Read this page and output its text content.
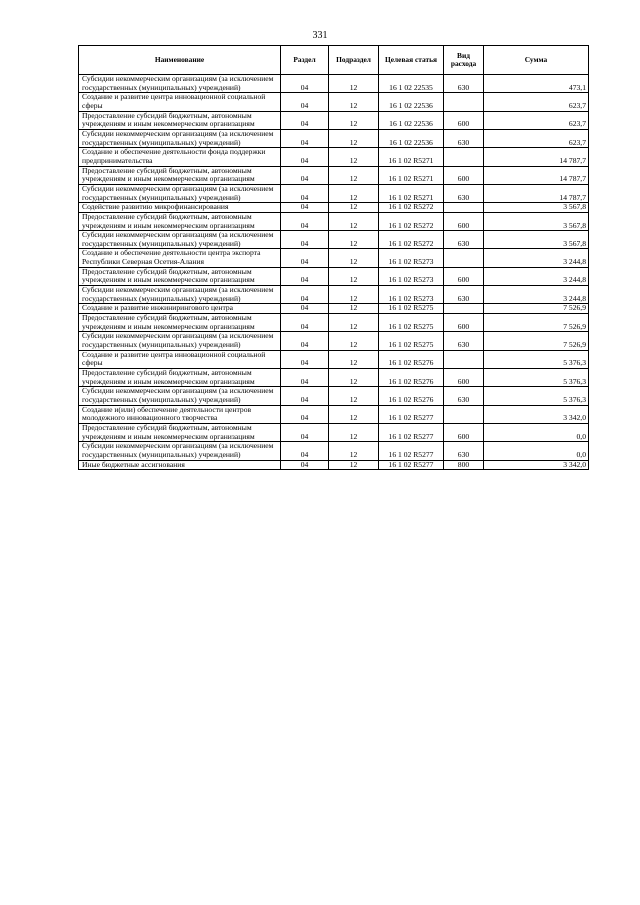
331
Наименование	Раздел	Подраздел	Целевая статья	Вид расхода	Сумма
Субсидии некоммерческим организациям (за исключением государственных (муниципальных) учреждений)	04	12	16 1 02 22535	630	473,1
Создание и развитие центра инновационной социальной сферы	04	12	16 1 02 22536		623,7
Предоставление субсидий бюджетным, автономным учреждениям и иным некоммерческим организациям	04	12	16 1 02 22536	600	623,7
Субсидии некоммерческим организациям (за исключением государственных (муниципальных) учреждений)	04	12	16 1 02 22536	630	623,7
Создание и обеспечение деятельности фонда поддержки предпринимательства	04	12	16 1 02 R5271		14 787,7
Предоставление субсидий бюджетным, автономным учреждениям и иным некоммерческим организациям	04	12	16 1 02 R5271	600	14 787,7
Субсидии некоммерческим организациям (за исключением государственных (муниципальных) учреждений)	04	12	16 1 02 R5271	630	14 787,7
Содействие развитию микрофинансирования	04	12	16 1 02 R5272		3 567,8
Предоставление субсидий бюджетным, автономным учреждениям и иным некоммерческим организациям	04	12	16 1 02 R5272	600	3 567,8
Субсидии некоммерческим организациям (за исключением государственных (муниципальных) учреждений)	04	12	16 1 02 R5272	630	3 567,8
Создание и обеспечение деятельности центра экспорта Республики Северная Осетия-Алания	04	12	16 1 02 R5273		3 244,8
Предоставление субсидий бюджетным, автономным учреждениям и иным некоммерческим организациям	04	12	16 1 02 R5273	600	3 244,8
Субсидии некоммерческим организациям (за исключением государственных (муниципальных) учреждений)	04	12	16 1 02 R5273	630	3 244,8
Создание и развитие инжинирингового центра	04	12	16 1 02 R5275		7 526,9
Предоставление субсидий бюджетным, автономным учреждениям и иным некоммерческим организациям	04	12	16 1 02 R5275	600	7 526,9
Субсидии некоммерческим организациям (за исключением государственных (муниципальных) учреждений)	04	12	16 1 02 R5275	630	7 526,9
Создание и развитие центра инновационной социальной сферы	04	12	16 1 02 R5276		5 376,3
Предоставление субсидий бюджетным, автономным учреждениям и иным некоммерческим организациям	04	12	16 1 02 R5276	600	5 376,3
Субсидии некоммерческим организациям (за исключением государственных (муниципальных) учреждений)	04	12	16 1 02 R5276	630	5 376,3
Создание и(или) обеспечение деятельности центров молодежного инновационного творчества	04	12	16 1 02 R5277		3 342,0
Предоставление субсидий бюджетным, автономным учреждениям и иным некоммерческим организациям	04	12	16 1 02 R5277	600	0,0
Субсидии некоммерческим организациям (за исключением государственных (муниципальных) учреждений)	04	12	16 1 02 R5277	630	0,0
Иные бюджетные ассигнования	04	12	16 1 02 R5277	800	3 342,0
